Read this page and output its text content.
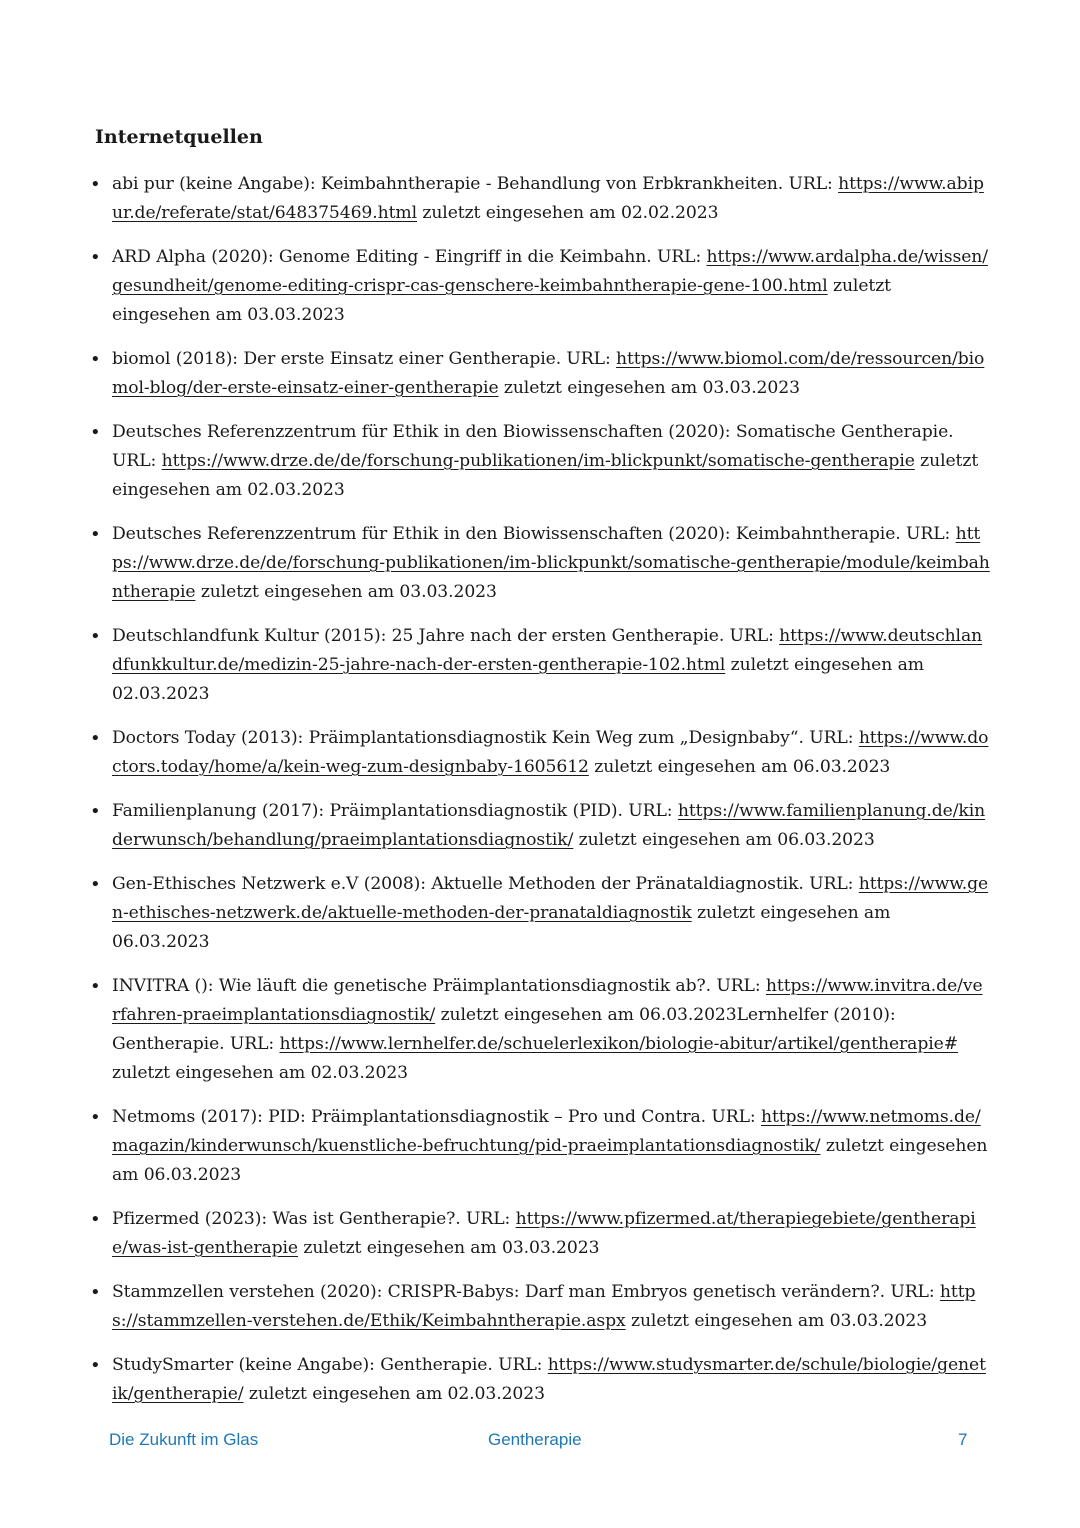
Internetquellen
• abi pur (keine Angabe): Keimbahntherapie - Behandlung von Erbkrankheiten. URL: https://www.abipur.de/referate/stat/648375469.html zuletzt eingesehen am 02.02.2023
• ARD Alpha (2020): Genome Editing - Eingriff in die Keimbahn. URL: https://www.ardalpha.de/wissen/gesundheit/genome-editing-crispr-cas-genschere-keimbahntherapie-gene-100.html zuletzt eingesehen am 03.03.2023
• biomol (2018): Der erste Einsatz einer Gentherapie. URL: https://www.biomol.com/de/ressourcen/biomol-blog/der-erste-einsatz-einer-gentherapie zuletzt eingesehen am 03.03.2023
• Deutsches Referenzzentrum für Ethik in den Biowissenschaften (2020): Somatische Gentherapie. URL: https://www.drze.de/de/forschung-publikationen/im-blickpunkt/somatische-gentherapie zuletzt eingesehen am 02.03.2023
• Deutsches Referenzzentrum für Ethik in den Biowissenschaften (2020): Keimbahntherapie. URL: https://www.drze.de/de/forschung-publikationen/im-blickpunkt/somatische-gentherapie/module/keimbahntherapie zuletzt eingesehen am 03.03.2023
• Deutschlandfunk Kultur (2015): 25 Jahre nach der ersten Gentherapie. URL: https://www.deutschlandfunkkultur.de/medizin-25-jahre-nach-der-ersten-gentherapie-102.html zuletzt eingesehen am 02.03.2023
• Doctors Today (2013): Präimplantationsdiagnostik Kein Weg zum „Designbaby“. URL: https://www.doctors.today/home/a/kein-weg-zum-designbaby-1605612 zuletzt eingesehen am 06.03.2023
• Familienplanung (2017): Präimplantationsdiagnostik (PID). URL: https://www.familienplanung.de/kinderwunsch/behandlung/praeimplantationsdiagnostik/ zuletzt eingesehen am 06.03.2023
• Gen-Ethisches Netzwerk e.V (2008): Aktuelle Methoden der Pränataldiagnostik. URL: https://www.gen-ethisches-netzwerk.de/aktuelle-methoden-der-pranataldiagnostik zuletzt eingesehen am 06.03.2023
• INVITRA (): Wie läuft die genetische Präimplantationsdiagnostik ab?. URL: https://www.invitra.de/verfahren-praeimplantationsdiagnostik/ zuletzt eingesehen am 06.03.2023Lernhelfer (2010): Gentherapie. URL: https://www.lernhelfer.de/schuelerlexikon/biologie-abitur/artikel/gentherapie# zuletzt eingesehen am 02.03.2023
• Netmoms (2017): PID: Präimplantationsdiagnostik – Pro und Contra. URL: https://www.netmoms.de/magazin/kinderwunsch/kuenstliche-befruchtung/pid-praeimplantationsdiagnostik/ zuletzt eingesehen am 06.03.2023
• Pfizermed (2023): Was ist Gentherapie?. URL: https://www.pfizermed.at/therapiegebiete/gentherapie/was-ist-gentherapie zuletzt eingesehen am 03.03.2023
• Stammzellen verstehen (2020): CRISPR-Babys: Darf man Embryos genetisch verändern?. URL: https://stammzellen-verstehen.de/Ethik/Keimbahntherapie.aspx zuletzt eingesehen am 03.03.2023
• StudySmarter (keine Angabe): Gentherapie. URL: https://www.studysmarter.de/schule/biologie/genetik/gentherapie/ zuletzt eingesehen am 02.03.2023
Die Zukunft im Glas	Gentherapie	7
